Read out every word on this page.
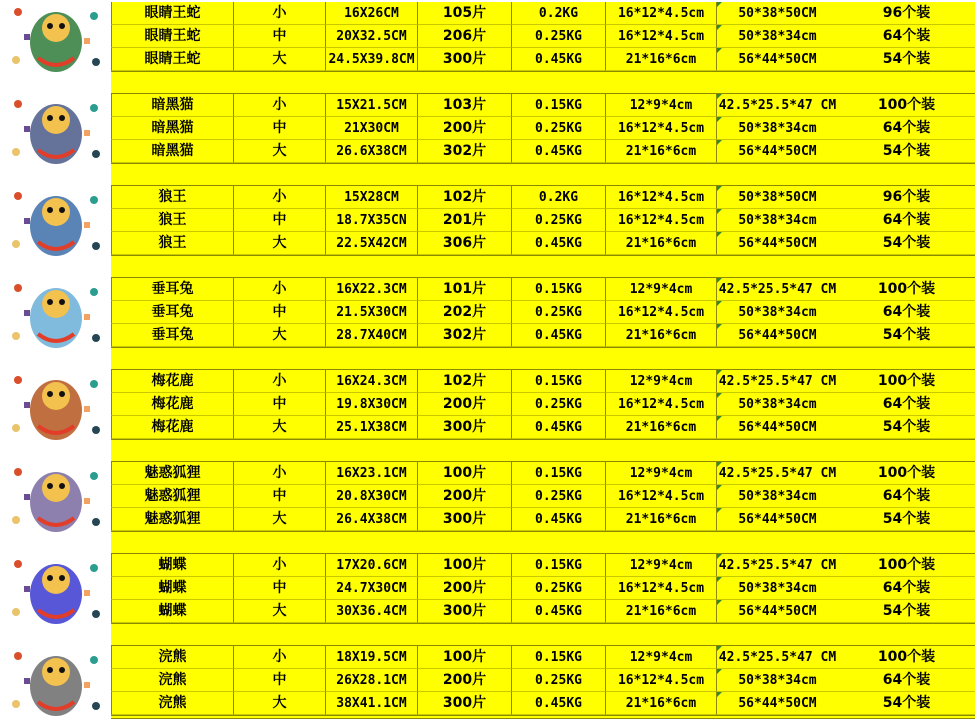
眼睛王蛇	小	16X26CM	105片	0.2KG	16*12*4.5cm	50*38*50CM	96个装
眼睛王蛇	中	20X32.5CM	206片	0.25KG	16*12*4.5cm	50*38*34cm	64个装
眼睛王蛇	大	24.5X39.8CM	300片	0.45KG	21*16*6cm	56*44*50CM	54个装
暗黑猫	小	15X21.5CM	103片	0.15KG	12*9*4cm	42.5*25.5*47 CM	100个装
暗黑猫	中	21X30CM	200片	0.25KG	16*12*4.5cm	50*38*34cm	64个装
暗黑猫	大	26.6X38CM	302片	0.45KG	21*16*6cm	56*44*50CM	54个装
狼王	小	15X28CM	102片	0.2KG	16*12*4.5cm	50*38*50CM	96个装
狼王	中	18.7X35CN	201片	0.25KG	16*12*4.5cm	50*38*34cm	64个装
狼王	大	22.5X42CM	306片	0.45KG	21*16*6cm	56*44*50CM	54个装
垂耳兔	小	16X22.3CM	101片	0.15KG	12*9*4cm	42.5*25.5*47 CM	100个装
垂耳兔	中	21.5X30CM	202片	0.25KG	16*12*4.5cm	50*38*34cm	64个装
垂耳兔	大	28.7X40CM	302片	0.45KG	21*16*6cm	56*44*50CM	54个装
梅花鹿	小	16X24.3CM	102片	0.15KG	12*9*4cm	42.5*25.5*47 CM	100个装
梅花鹿	中	19.8X30CM	200片	0.25KG	16*12*4.5cm	50*38*34cm	64个装
梅花鹿	大	25.1X38CM	300片	0.45KG	21*16*6cm	56*44*50CM	54个装
魅惑狐狸	小	16X23.1CM	100片	0.15KG	12*9*4cm	42.5*25.5*47 CM	100个装
魅惑狐狸	中	20.8X30CM	200片	0.25KG	16*12*4.5cm	50*38*34cm	64个装
魅惑狐狸	大	26.4X38CM	300片	0.45KG	21*16*6cm	56*44*50CM	54个装
蝴蝶	小	17X20.6CM	100片	0.15KG	12*9*4cm	42.5*25.5*47 CM	100个装
蝴蝶	中	24.7X30CM	200片	0.25KG	16*12*4.5cm	50*38*34cm	64个装
蝴蝶	大	30X36.4CM	300片	0.45KG	21*16*6cm	56*44*50CM	54个装
浣熊	小	18X19.5CM	100片	0.15KG	12*9*4cm	42.5*25.5*47 CM	100个装
浣熊	中	26X28.1CM	200片	0.25KG	16*12*4.5cm	50*38*34cm	64个装
浣熊	大	38X41.1CM	300片	0.45KG	21*16*6cm	56*44*50CM	54个装
